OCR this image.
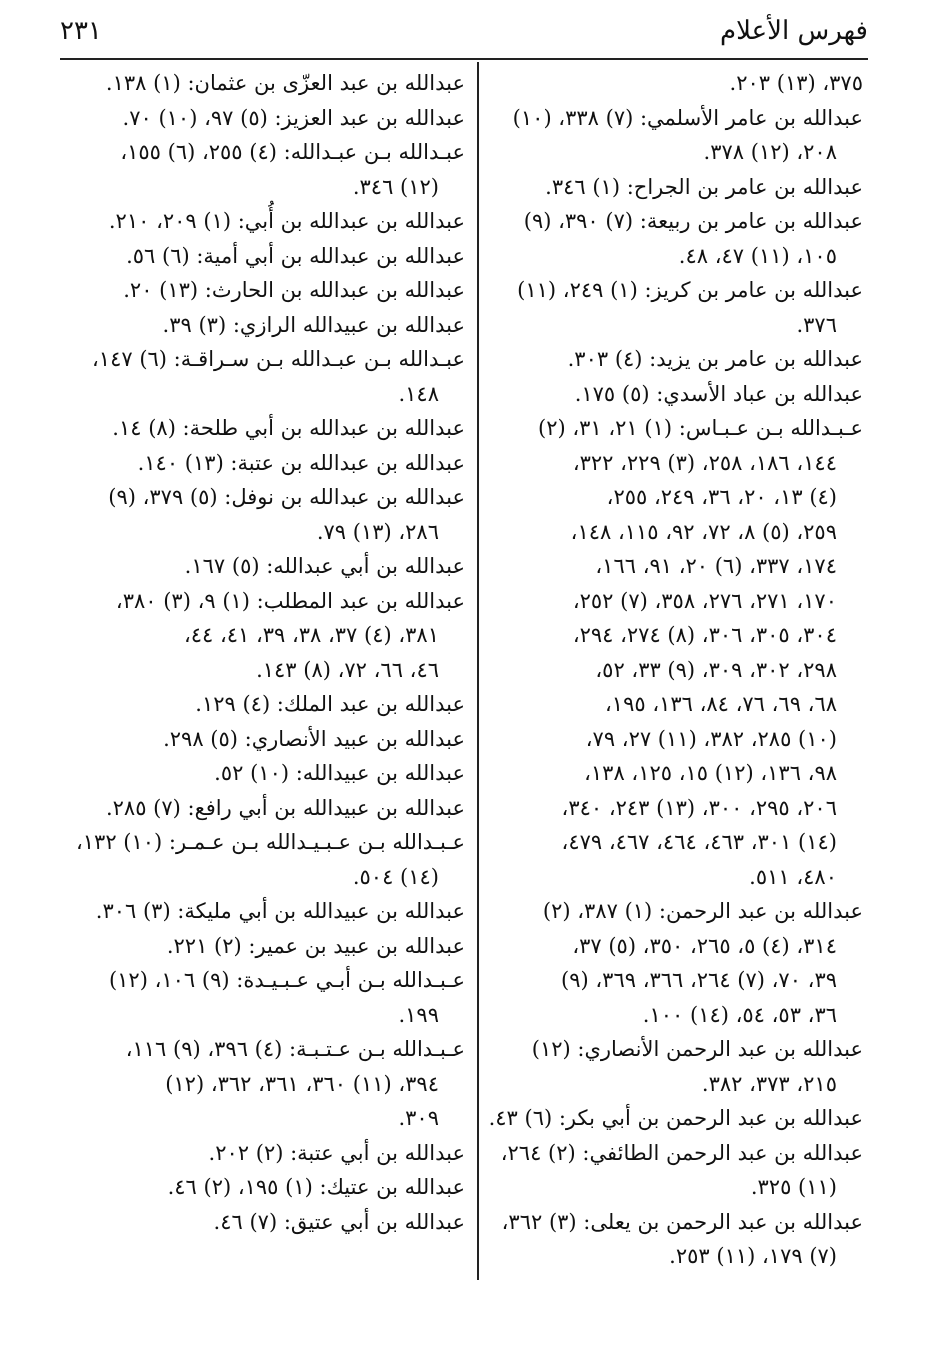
٢٣١	فهرس الأعلام
٣٧٥، (١٣) ٢٠٣.
عبدالله بن عامر الأسلمي: (٧) ٣٣٨، (١٠)
٢٠٨، (١٢) ٣٧٨.
عبدالله بن عامر بن الجراح: (١) ٣٤٦.
عبدالله بن عامر بن ربيعة: (٧) ٣٩٠، (٩)
١٠٥، (١١) ٤٧، ٤٨.
عبدالله بن عامر بن كريز: (١) ٢٤٩، (١١)
٣٧٦.
عبدالله بن عامر بن يزيد: (٤) ٣٠٣.
عبدالله بن عباد الأسدي: (٥) ١٧٥.
عـبـدالله بـن عـبـاس: (١) ٢١، ٣١، (٢)
١٤٤، ١٨٦، ٢٥٨، (٣) ٢٢٩، ٣٢٢،
(٤) ١٣، ٢٠، ٣٦، ٢٤٩، ٢٥٥،
٢٥٩، (٥) ٨، ٧٢، ٩٢، ١١٥، ١٤٨،
١٧٤، ٣٣٧، (٦) ٢٠، ٩١، ١٦٦،
١٧٠، ٢٧١، ٢٧٦، ٣٥٨، (٧) ٢٥٢،
٣٠٤، ٣٠٥، ٣٠٦، (٨) ٢٧٤، ٢٩٤،
٢٩٨، ٣٠٢، ٣٠٩، (٩) ٣٣، ٥٢،
٦٨، ٦٩، ٧٦، ٨٤، ١٣٦، ١٩٥،
(١٠) ٢٨٥، ٣٨٢، (١١) ٢٧، ٧٩،
٩٨، ١٣٦، (١٢) ١٥، ١٢٥، ١٣٨،
٢٠٦، ٢٩٥، ٣٠٠، (١٣) ٢٤٣، ٣٤٠،
(١٤) ٣٠١، ٤٦٣، ٤٦٤، ٤٦٧، ٤٧٩،
٤٨٠، ٥١١.
عبدالله بن عبد الرحمن: (١) ٣٨٧، (٢)
٣١٤، (٤) ٥، ٢٦٥، ٣٥٠، (٥) ٣٧،
٣٩، ٧٠، (٧) ٢٦٤، ٣٦٦، ٣٦٩، (٩)
٣٦، ٥٣، ٥٤، (١٤) ١٠٠.
عبدالله بن عبد الرحمن الأنصاري: (١٢)
٢١٥، ٣٧٣، ٣٨٢.
عبدالله بن عبد الرحمن بن أبي بكر: (٦) ٤٣.
عبدالله بن عبد الرحمن الطائفي: (٢) ٢٦٤،
(١١) ٣٢٥.
عبدالله بن عبد الرحمن بن يعلى: (٣) ٣٦٢،
(٧) ١٧٩، (١١) ٢٥٣.
عبدالله بن عبد العزّى بن عثمان: (١) ١٣٨.
عبدالله بن عبد العزيز: (٥) ٩٧، (١٠) ٧٠.
عبـدالله بـن عبـدالله: (٤) ٢٥٥، (٦) ١٥٥،
(١٢) ٣٤٦.
عبدالله بن عبدالله بن أُبي: (١) ٢٠٩، ٢١٠.
عبدالله بن عبدالله بن أبي أمية: (٦) ٥٦.
عبدالله بن عبدالله بن الحارث: (١٣) ٢٠.
عبدالله بن عبيدالله الرازي: (٣) ٣٩.
عبـدالله بـن عبـدالله بـن سـراقـة: (٦) ١٤٧،
١٤٨.
عبدالله بن عبدالله بن أبي طلحة: (٨) ١٤.
عبدالله بن عبدالله بن عتبة: (١٣) ١٤٠.
عبدالله بن عبدالله بن نوفل: (٥) ٣٧٩، (٩)
٢٨٦، (١٣) ٧٩.
عبدالله بن أبي عبدالله: (٥) ١٦٧.
عبدالله بن عبد المطلب: (١) ٩، (٣) ٣٨٠،
٣٨١، (٤) ٣٧، ٣٨، ٣٩، ٤١، ٤٤،
٤٦، ٦٦، ٧٢، (٨) ١٤٣.
عبدالله بن عبد الملك: (٤) ١٢٩.
عبدالله بن عبيد الأنصاري: (٥) ٢٩٨.
عبدالله بن عبيدالله: (١٠) ٥٢.
عبدالله بن عبيدالله بن أبي رافع: (٧) ٢٨٥.
عـبـدالله بـن عـبـيـدالله بـن عـمـر: (١٠) ١٣٢،
(١٤) ٥٠٤.
عبدالله بن عبيدالله بن أبي مليكة: (٣) ٣٠٦.
عبدالله بن عبيد بن عمير: (٢) ٢٢١.
عـبـدالله بـن أبـي عـبـيـدة: (٩) ١٠٦، (١٢)
١٩٩.
عـبـدالله بـن عـتـبـة: (٤) ٣٩٦، (٩) ١١٦،
٣٩٤، (١١) ٣٦٠، ٣٦١، ٣٦٢، (١٢)
٣٠٩.
عبدالله بن أبي عتبة: (٢) ٢٠٢.
عبدالله بن عتيك: (١) ١٩٥، (٢) ٤٦.
عبدالله بن أبي عتيق: (٧) ٤٦.
